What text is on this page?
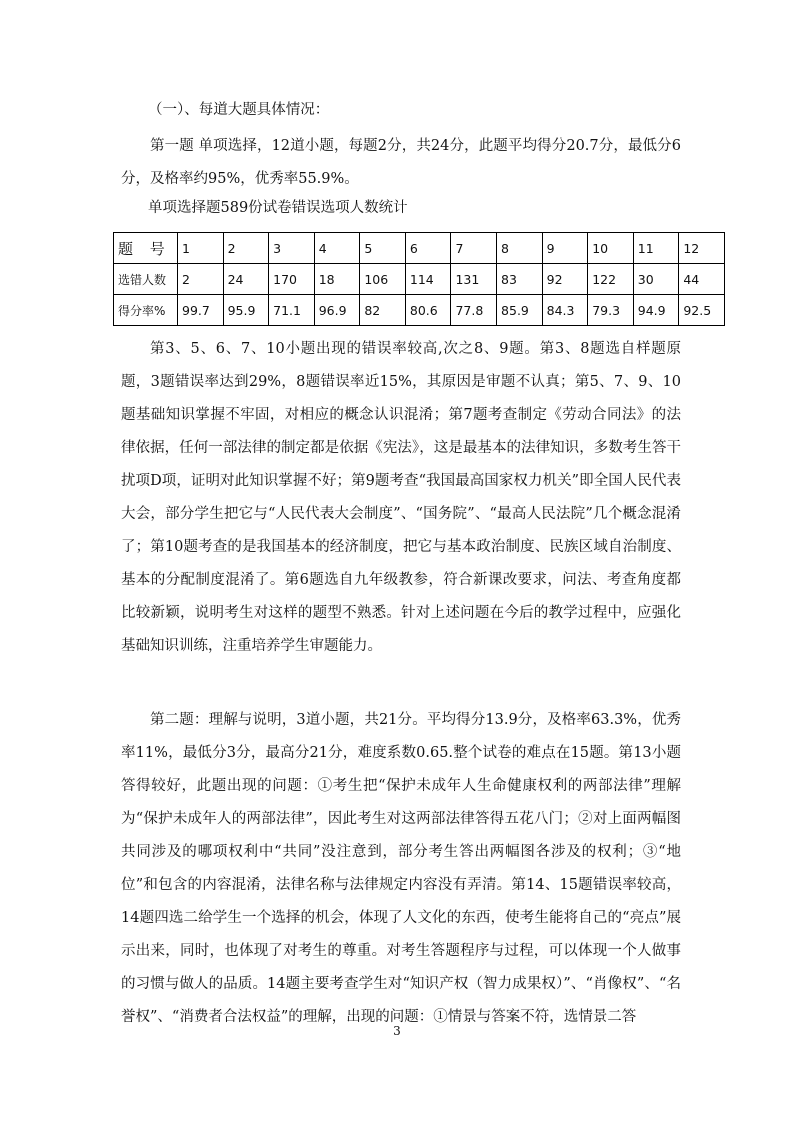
（一）、每道大题具体情况：

第一题 单项选择，12道小题，每题2分，共24分，此题平均得分20.7分，最低分6分，及格率约95%，优秀率55.9%。

单项选择题589份试卷错误选项人数统计

题 号	1	2	3	4	5	6	7	8	9	10	11	12
选错人数	2	24	170	18	106	114	131	83	92	122	30	44
得分率%	99.7	95.9	71.1	96.9	82	80.6	77.8	85.9	84.3	79.3	94.9	92.5

第3、5、6、7、10小题出现的错误率较高,次之8、9题。第3、8题选自样题原题，3题错误率达到29%，8题错误率近15%，其原因是审题不认真；第5、7、9、10题基础知识掌握不牢固，对相应的概念认识混淆；第7题考查制定《劳动合同法》的法律依据，任何一部法律的制定都是依据《宪法》，这是最基本的法律知识，多数考生答干扰项D项，证明对此知识掌握不好；第9题考查“我国最高国家权力机关”即全国人民代表大会，部分学生把它与“人民代表大会制度”、“国务院”、“最高人民法院”几个概念混淆了；第10题考查的是我国基本的经济制度，把它与基本政治制度、民族区域自治制度、基本的分配制度混淆了。第6题选自九年级教参，符合新课改要求，问法、考查角度都比较新颖，说明考生对这样的题型不熟悉。针对上述问题在今后的教学过程中，应强化基础知识训练，注重培养学生审题能力。

第二题：理解与说明，3道小题，共21分。平均得分13.9分，及格率63.3%，优秀率11%，最低分3分，最高分21分，难度系数0.65.整个试卷的难点在15题。第13小题答得较好，此题出现的问题：①考生把“保护未成年人生命健康权利的两部法律”理解为“保护未成年人的两部法律”，因此考生对这两部法律答得五花八门；②对上面两幅图共同涉及的哪项权利中“共同”没注意到，部分考生答出两幅图各涉及的权利；③“地位”和包含的内容混淆，法律名称与法律规定内容没有弄清。第14、15题错误率较高，14题四选二给学生一个选择的机会，体现了人文化的东西，使考生能将自己的“亮点”展示出来，同时，也体现了对考生的尊重。对考生答题程序与过程，可以体现一个人做事的习惯与做人的品质。14题主要考查学生对“知识产权（智力成果权）”、“肖像权”、“名誉权”、“消费者合法权益”的理解，出现的问题：①情景与答案不符，选情景二答

3
